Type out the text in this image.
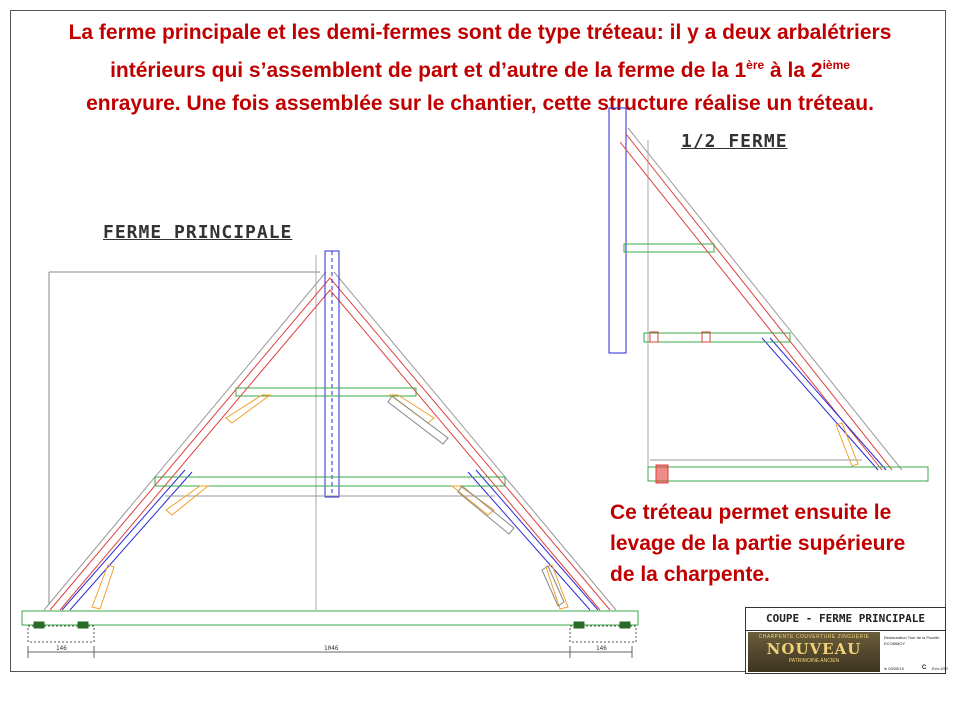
La ferme principale et les demi-fermes sont de type tréteau: il y a deux arbalétriers
intérieurs qui s’assemblent de part et d’autre de la ferme de la 1ère à la 2ième
enrayure. Une fois assemblée sur le chantier, cette structure réalise un tréteau.

146	1046	146
FERME PRINCIPALE
1/2 FERME

Ce tréteau permet ensuite le
levage de la partie supérieure
de la charpente.

COUPE - FERME PRINCIPALE
CHARPENTE COUVERTURE ZINGUERIE
NOUVEAU
PATRIMOINE ANCIEN
Restauration Tour de la Pucelle
ECOMMOY
le 03/05/15	C Ech:1/50
